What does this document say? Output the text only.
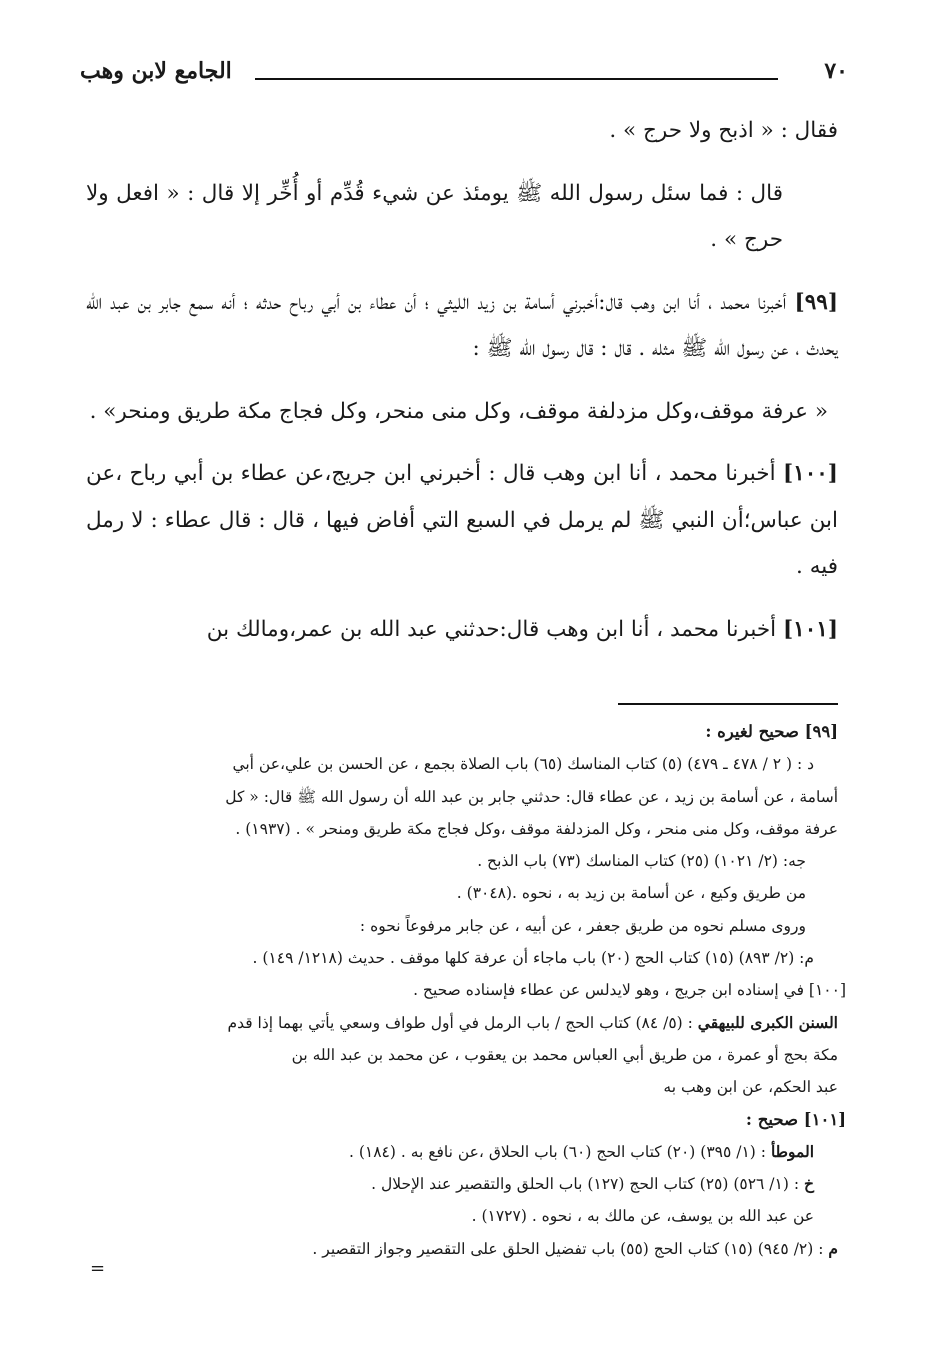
٧٠
الجامع لابن وهب

فقال : « اذبح ولا حرج » .

قال : فما سئل رسول الله ﷺ يومئذ عن شيء قُدِّم أو أُخِّر إلا قال : « افعل ولا حرج » .

[٩٩] أخبرنا محمد ، أنا ابن وهب قال:أخبرني أسامة بن زيد الليثي ؛ أن عطاء بن أبي رباح حدثه ؛ أنه سمع جابر بن عبد الله يحدث ، عن رسول الله ﷺ مثله . قال : قال رسول الله ﷺ :

« عرفة موقف،وكل مزدلفة موقف، وكل منى منحر، وكل فجاج مكة طريق ومنحر» .

[١٠٠] أخبرنا محمد ، أنا ابن وهب قال : أخبرني ابن جريج،عن عطاء بن أبي رباح ،عن ابن عباس؛أن النبي ﷺ لم يرمل في السبع التي أفاض فيها ، قال : قال عطاء : لا رمل فيه .

[١٠١] أخبرنا محمد ، أنا ابن وهب قال:حدثني عبد الله بن عمر،ومالك بن

[٩٩] صحيح لغيره :
د : ( ٢ / ٤٧٨ ـ ٤٧٩) (٥) كتاب المناسك (٦٥) باب الصلاة بجمع ، عن الحسن بن علي،عن أبي
أسامة ، عن أسامة بن زيد ، عن عطاء قال: حدثني جابر بن عبد الله أن رسول الله ﷺ قال: « كل
عرفة موقف، وكل منى منحر ، وكل المزدلفة موقف ،وكل فجاج مكة طريق ومنحر » . (١٩٣٧) .
جه: (٢/ ١٠٢١) (٢٥) كتاب المناسك (٧٣) باب الذبح .
من طريق وكيع ، عن أسامة بن زيد به ، نحوه .(٣٠٤٨) .
وروى مسلم نحوه من طريق جعفر ، عن أبيه ، عن جابر مرفوعاً نحوه :
م: (٢/ ٨٩٣) (١٥) كتاب الحج (٢٠) باب ماجاء أن عرفة كلها موقف . حديث (١٢١٨/ ١٤٩) .
[١٠٠] في إسناده ابن جريج ، وهو لايدلس عن عطاء فإسناده صحيح .
السنن الكبرى للبيهقي : (٥/ ٨٤) كتاب الحج / باب الرمل في أول طواف وسعي يأتي بهما إذا قدم
مكة بحج أو عمرة ، من طريق أبي العباس محمد بن يعقوب ، عن محمد بن عبد الله بن
عبد الحكم، عن ابن وهب به
[١٠١] صحيح :
الموطأ : (١/ ٣٩٥) (٢٠) كتاب الحج (٦٠) باب الحلاق ،عن نافع به . (١٨٤) .
خ : (١/ ٥٢٦) (٢٥) كتاب الحج (١٢٧) باب الحلق والتقصير عند الإحلال .
عن عبد الله بن يوسف، عن مالك به ، نحوه . (١٧٢٧) .
م : (٢/ ٩٤٥) (١٥) كتاب الحج (٥٥) باب تفضيل الحلق على التقصير وجواز التقصير .
=
